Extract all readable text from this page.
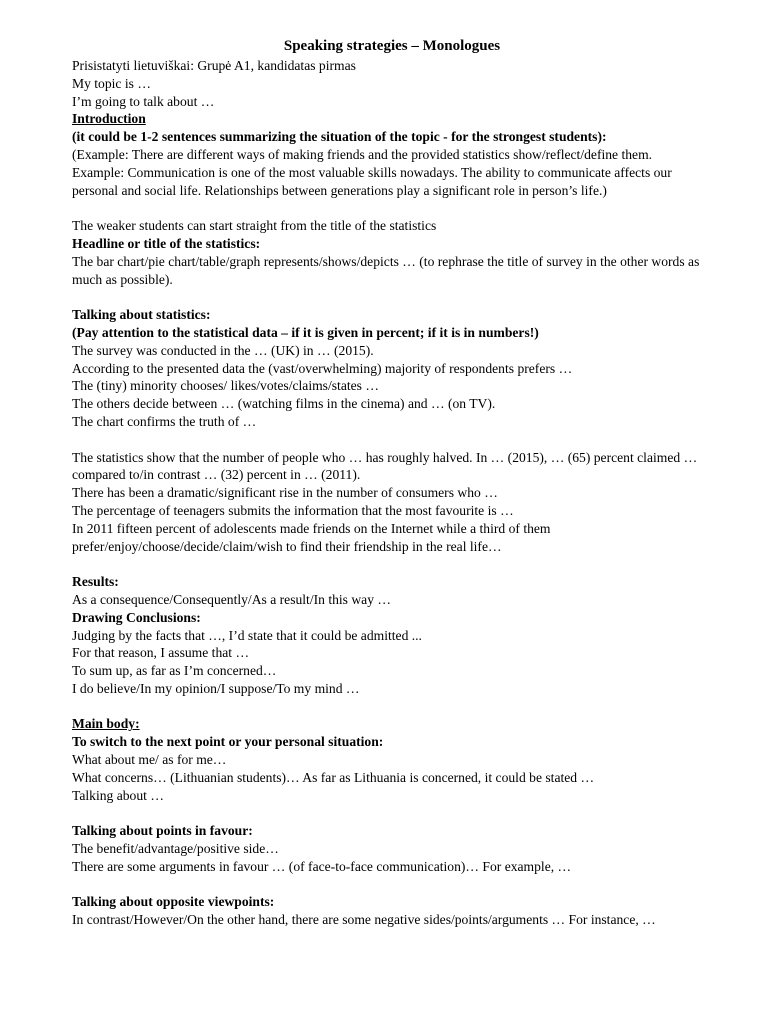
Speaking strategies – Monologues
Prisistatyti lietuviškai: Grupė A1, kandidatas pirmas
My topic is …
I’m going to talk about …
Introduction
(it could be 1-2 sentences summarizing the situation of the topic - for the strongest students):
(Example: There are different ways of making friends and the provided statistics show/reflect/define them.
Example: Communication is one of the most valuable skills nowadays. The ability to communicate affects our personal and social life. Relationships between generations play a significant role in person’s life.)
The weaker students can start straight from the title of the statistics
Headline or title of the statistics:
The bar chart/pie chart/table/graph represents/shows/depicts … (to rephrase the title of survey in the other words as much as possible).
Talking about statistics:
(Pay attention to the statistical data – if it is given in percent; if it is in numbers!)
The survey was conducted in the … (UK) in … (2015).
According to the presented data the (vast/overwhelming) majority of respondents prefers …
The (tiny) minority chooses/ likes/votes/claims/states …
The others decide between … (watching films in the cinema) and … (on TV).
The chart confirms the truth of …
The statistics show that the number of people who … has roughly halved. In … (2015), … (65) percent claimed … compared to/in contrast … (32) percent in … (2011).
There has been a dramatic/significant rise in the number of consumers who …
The percentage of teenagers submits the information that the most favourite is …
In 2011 fifteen percent of adolescents made friends on the Internet while a third of them prefer/enjoy/choose/decide/claim/wish to find their friendship in the real life…
Results:
As a consequence/Consequently/As a result/In this way …
Drawing Conclusions:
Judging by the facts that …, I’d state that it could be admitted ...
For that reason, I assume that …
To sum up, as far as I’m concerned…
I do believe/In my opinion/I suppose/To my mind …
Main body:
To switch to the next point or your personal situation:
What about me/ as for me…
What concerns… (Lithuanian students)… As far as Lithuania is concerned, it could be stated …
Talking about …
Talking about points in favour:
The benefit/advantage/positive side…
There are some arguments in favour … (of face-to-face communication)… For example, …
Talking about opposite viewpoints:
In contrast/However/On the other hand, there are some negative sides/points/arguments … For instance, …
